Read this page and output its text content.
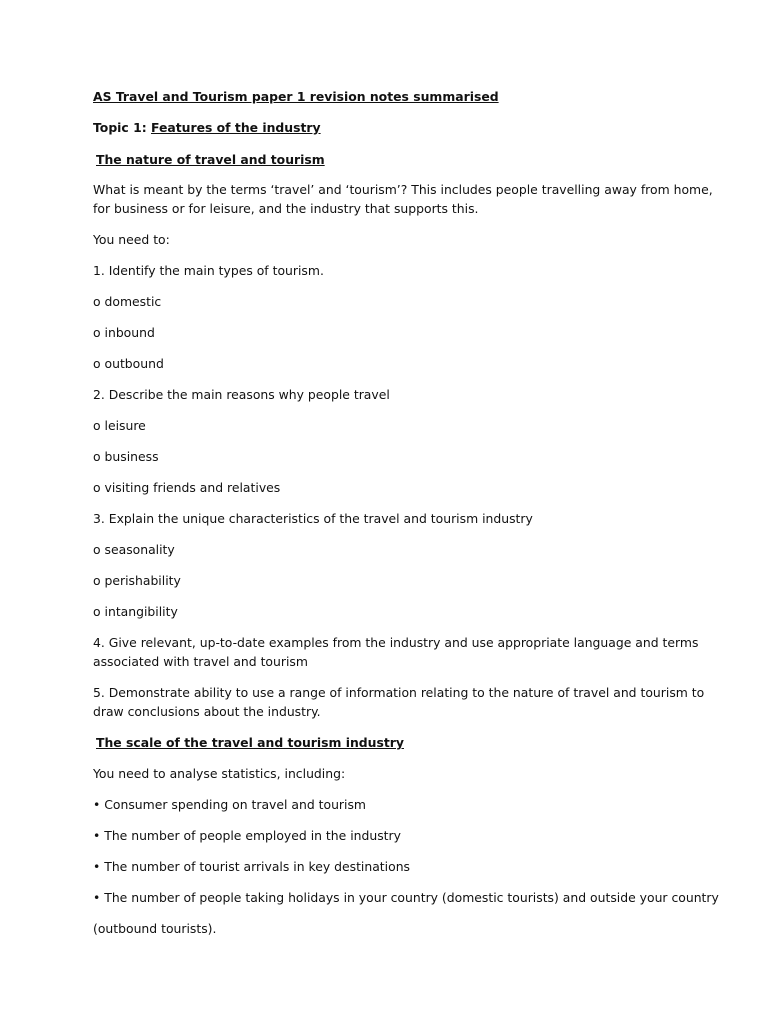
AS Travel and Tourism paper 1 revision notes summarised
Topic 1: Features of the industry
The nature of travel and tourism
What is meant by the terms ‘travel’ and ‘tourism’? This includes people travelling away from home,
for business or for leisure, and the industry that supports this.
You need to:
1. Identify the main types of tourism.
o domestic
o inbound
o outbound
2. Describe the main reasons why people travel
o leisure
o business
o visiting friends and relatives
3. Explain the unique characteristics of the travel and tourism industry
o seasonality
o perishability
o intangibility
4. Give relevant, up-to-date examples from the industry and use appropriate language and terms
associated with travel and tourism
5. Demonstrate ability to use a range of information relating to the nature of travel and tourism to
draw conclusions about the industry.
The scale of the travel and tourism industry
You need to analyse statistics, including:
• Consumer spending on travel and tourism
• The number of people employed in the industry
• The number of tourist arrivals in key destinations
• The number of people taking holidays in your country (domestic tourists) and outside your country
(outbound tourists).
